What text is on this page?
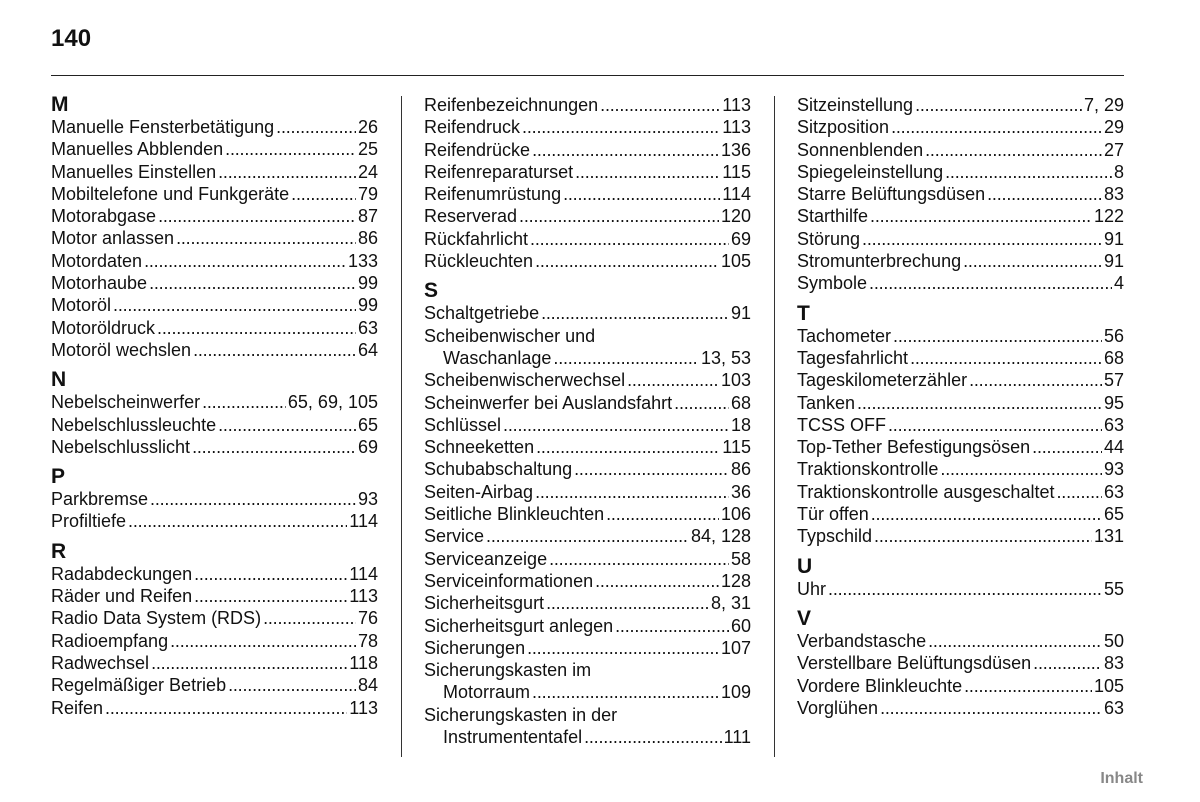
140
M
Manuelle Fensterbetätigung . . .	26
Manuelles Abblenden . . .	25
Manuelles Einstellen . . .	24
Mobiltelefone und Funkgeräte . . .	79
Motorabgase . . .	87
Motor anlassen . . .	86
Motordaten . . .	133
Motorhaube . . .	99
Motoröl . . .	99
Motoröldruck . . .	63
Motoröl wechslen . . .	64
N
Nebelscheinwerfer . . .	65, 69, 105
Nebelschlussleuchte . . .	65
Nebelschlusslicht . . .	69
P
Parkbremse . . .	93
Profiltiefe . . .	114
R
Radabdeckungen . . .	114
Räder und Reifen . . .	113
Radio Data System (RDS) . . .	76
Radioempfang . . .	78
Radwechsel . . .	118
Regelmäßiger Betrieb . . .	84
Reifen . . .	113
Reifenbezeichnungen . . .	113
Reifendruck . . .	113
Reifendrücke . . .	136
Reifenreparaturset . . .	115
Reifenumrüstung . . .	114
Reserverad . . .	120
Rückfahrlicht . . .	69
Rückleuchten . . .	105
S
Schaltgetriebe . . .	91
Scheibenwischer und
Waschanlage . . .	13, 53
Scheibenwischerwechsel . . .	103
Scheinwerfer bei Auslandsfahrt . . .	68
Schlüssel . . .	18
Schneeketten . . .	115
Schubabschaltung . . .	86
Seiten-Airbag . . .	36
Seitliche Blinkleuchten . . .	106
Service . . .	84, 128
Serviceanzeige . . .	58
Serviceinformationen . . .	128
Sicherheitsgurt . . .	8, 31
Sicherheitsgurt anlegen . . .	60
Sicherungen . . .	107
Sicherungskasten im
Motorraum . . .	109
Sicherungskasten in der
Instrumententafel . . .	111
Sitzeinstellung . . .	7, 29
Sitzposition . . .	29
Sonnenblenden . . .	27
Spiegeleinstellung . . .	8
Starre Belüftungsdüsen . . .	83
Starthilfe . . .	122
Störung . . .	91
Stromunterbrechung . . .	91
Symbole . . .	4
T
Tachometer . . .	56
Tagesfahrlicht . . .	68
Tageskilometerzähler . . .	57
Tanken . . .	95
TCSS OFF . . .	63
Top-Tether Befestigungsösen . . .	44
Traktionskontrolle . . .	93
Traktionskontrolle ausgeschaltet . . .	63
Tür offen . . .	65
Typschild . . .	131
U
Uhr . . .	55
V
Verbandstasche . . .	50
Verstellbare Belüftungsdüsen . . .	83
Vordere Blinkleuchte . . .	105
Vorglühen . . .	63
Inhalt
